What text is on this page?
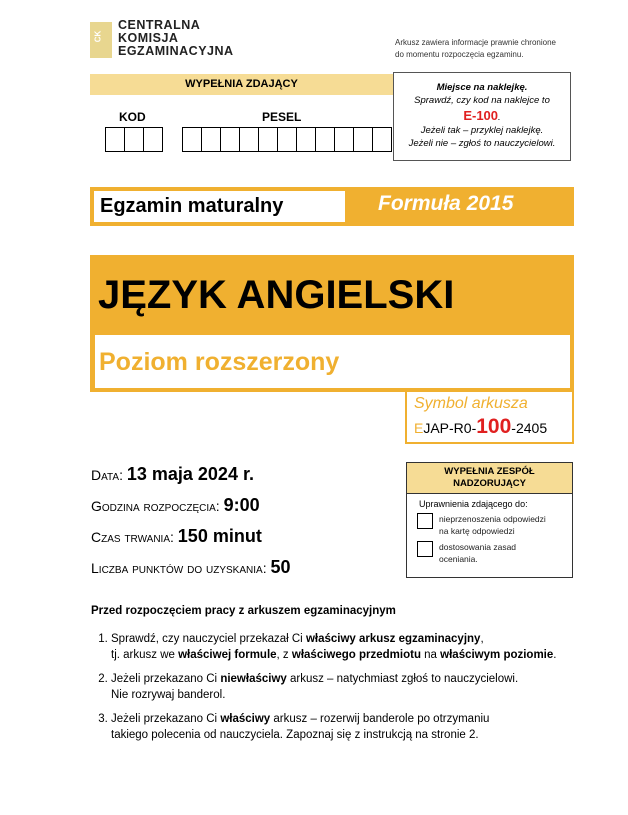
CK
CENTRALNA
KOMISJA
EGZAMINACYJNA
Arkusz zawiera informacje prawnie chronione
do momentu rozpoczęcia egzaminu.
WYPEŁNIA ZDAJĄCY	Miejsce na naklejkę.
Sprawdź, czy kod na naklejce to
E-100.
Jeżeli tak – przyklej naklejkę.
Jeżeli nie – zgłoś to nauczycielowi.
KOD	PESEL
Egzamin maturalny	Formuła 2015
JĘZYK ANGIELSKI
Poziom rozszerzony
Symbol arkusza
EJAP-R0-100-2405
Data: 13 maja 2024 r.
Godzina rozpoczęcia: 9:00
Czas trwania: 150 minut
Liczba punktów do uzyskania: 50
WYPEŁNIA ZESPÓŁ
NADZORUJĄCY
Uprawnienia zdającego do:
nieprzenoszenia odpowiedzi
na kartę odpowiedzi
dostosowania zasad
oceniania.
Przed rozpoczęciem pracy z arkuszem egzaminacyjnym
1. Sprawdź, czy nauczyciel przekazał Ci właściwy arkusz egzaminacyjny,
tj. arkusz we właściwej formule, z właściwego przedmiotu na właściwym poziomie.
2. Jeżeli przekazano Ci niewłaściwy arkusz – natychmiast zgłoś to nauczycielowi.
Nie rozrywaj banderol.
3. Jeżeli przekazano Ci właściwy arkusz – rozerwij banderole po otrzymaniu
takiego polecenia od nauczyciela. Zapoznaj się z instrukcją na stronie 2.
